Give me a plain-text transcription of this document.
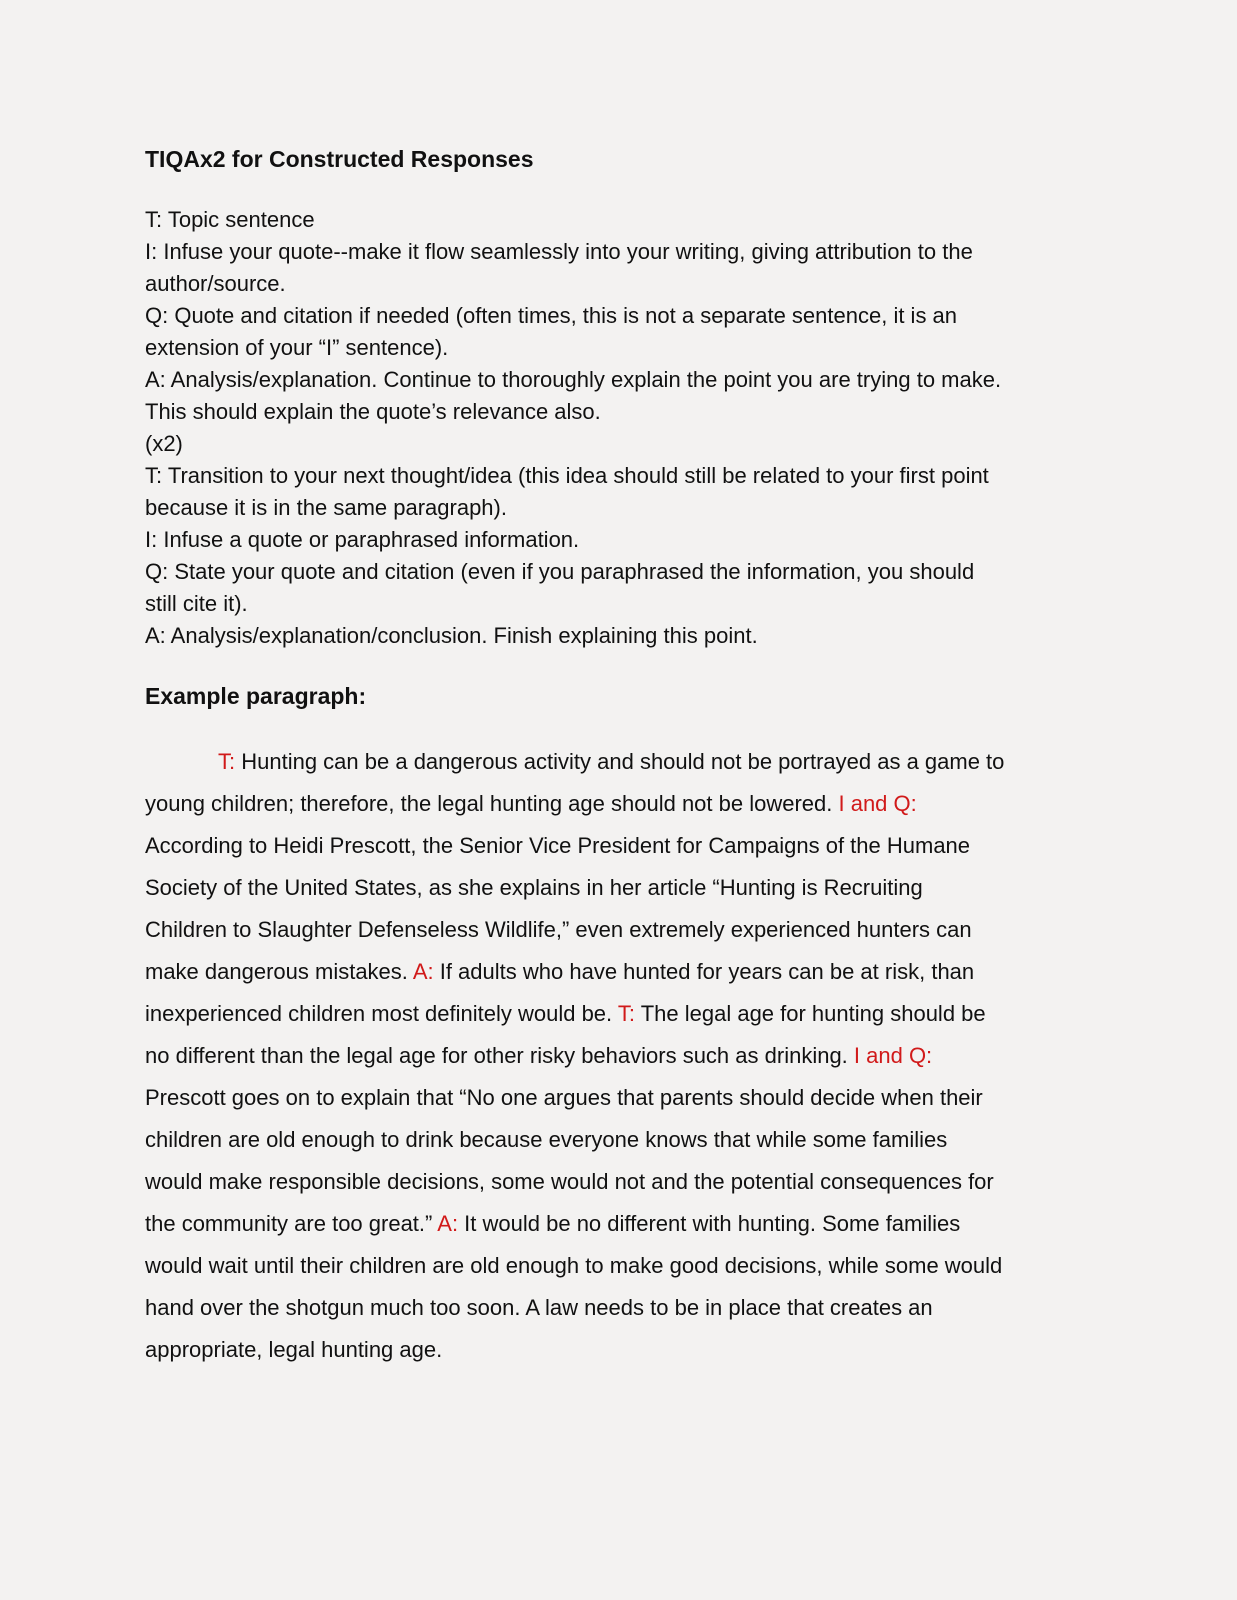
TIQAx2 for Constructed Responses
T: Topic sentence
I: Infuse your quote--make it flow seamlessly into your writing, giving attribution to the
author/source.
Q: Quote and citation if needed (often times, this is not a separate sentence, it is an
extension of your “I” sentence).
A: Analysis/explanation. Continue to thoroughly explain the point you are trying to make.
This should explain the quote’s relevance also.
(x2)
T: Transition to your next thought/idea (this idea should still be related to your first point
because it is in the same paragraph).
I: Infuse a quote or paraphrased information.
Q: State your quote and citation (even if you paraphrased the information, you should
still cite it).
A: Analysis/explanation/conclusion. Finish explaining this point.
Example paragraph:
T: Hunting can be a dangerous activity and should not be portrayed as a game to
young children; therefore, the legal hunting age should not be lowered. I and Q:
According to Heidi Prescott, the Senior Vice President for Campaigns of the Humane
Society of the United States, as she explains in her article “Hunting is Recruiting
Children to Slaughter Defenseless Wildlife,” even extremely experienced hunters can
make dangerous mistakes. A: If adults who have hunted for years can be at risk, than
inexperienced children most definitely would be. T: The legal age for hunting should be
no different than the legal age for other risky behaviors such as drinking. I and Q:
Prescott goes on to explain that “No one argues that parents should decide when their
children are old enough to drink because everyone knows that while some families
would make responsible decisions, some would not and the potential consequences for
the community are too great.” A: It would be no different with hunting. Some families
would wait until their children are old enough to make good decisions, while some would
hand over the shotgun much too soon. A law needs to be in place that creates an
appropriate, legal hunting age.
